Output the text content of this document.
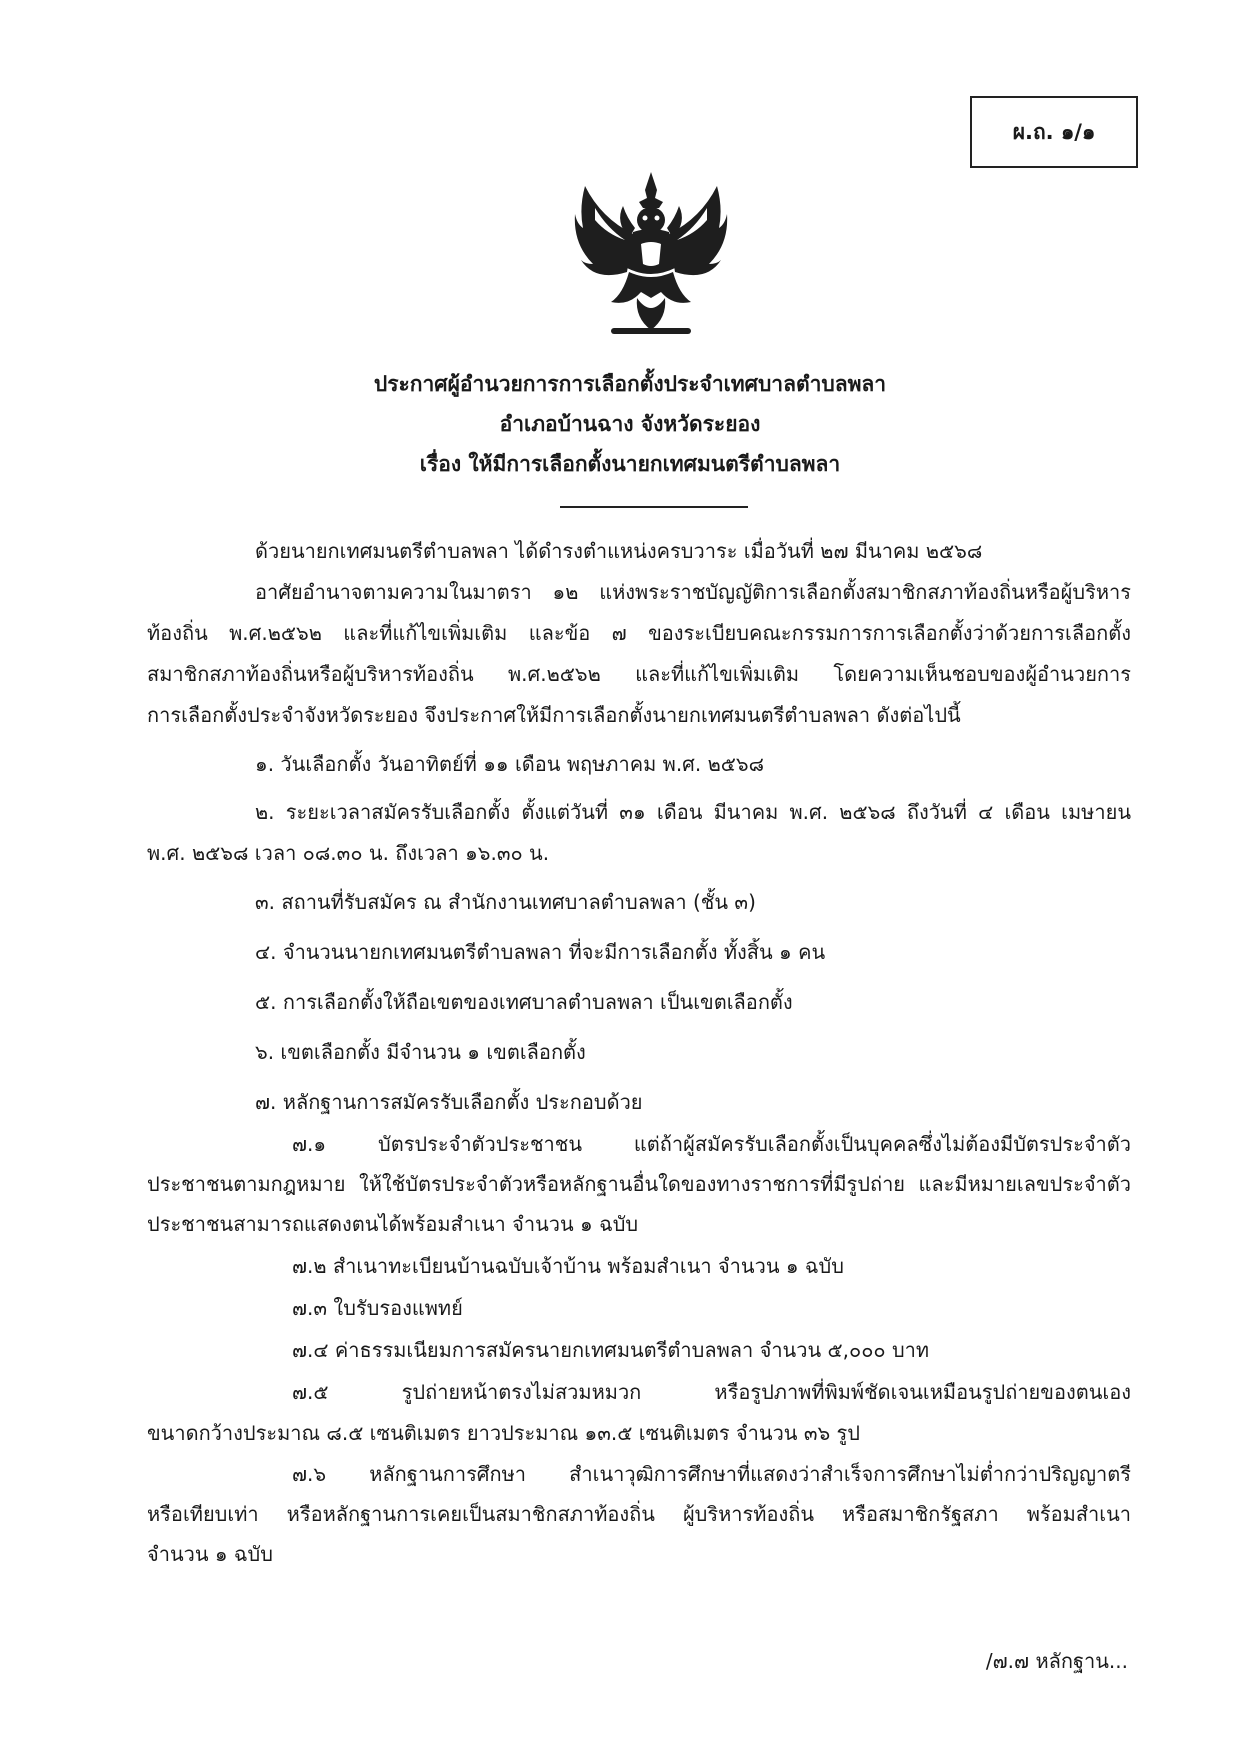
ผ.ถ. ๑/๑
ประกาศผู้อำนวยการการเลือกตั้งประจำเทศบาลตำบลพลา
อำเภอบ้านฉาง จังหวัดระยอง
เรื่อง ให้มีการเลือกตั้งนายกเทศมนตรีตำบลพลา
ด้วยนายกเทศมนตรีตำบลพลา ได้ดำรงตำแหน่งครบวาระ เมื่อวันที่ ๒๗ มีนาคม ๒๕๖๘
อาศัยอำนาจตามความในมาตรา ๑๒ แห่งพระราชบัญญัติการเลือกตั้งสมาชิกสภาท้องถิ่นหรือผู้บริหาร
ท้องถิ่น พ.ศ.๒๕๖๒ และที่แก้ไขเพิ่มเติม และข้อ ๗ ของระเบียบคณะกรรมการการเลือกตั้งว่าด้วยการเลือกตั้ง
สมาชิกสภาท้องถิ่นหรือผู้บริหารท้องถิ่น พ.ศ.๒๕๖๒ และที่แก้ไขเพิ่มเติม โดยความเห็นชอบของผู้อำนวยการ
การเลือกตั้งประจำจังหวัดระยอง จึงประกาศให้มีการเลือกตั้งนายกเทศมนตรีตำบลพลา ดังต่อไปนี้
๑. วันเลือกตั้ง วันอาทิตย์ที่ ๑๑ เดือน พฤษภาคม พ.ศ. ๒๕๖๘
๒. ระยะเวลาสมัครรับเลือกตั้ง ตั้งแต่วันที่ ๓๑ เดือน มีนาคม พ.ศ. ๒๕๖๘ ถึงวันที่ ๔ เดือน เมษายน
พ.ศ. ๒๕๖๘ เวลา ๐๘.๓๐ น. ถึงเวลา ๑๖.๓๐ น.
๓. สถานที่รับสมัคร ณ สำนักงานเทศบาลตำบลพลา (ชั้น ๓)
๔. จำนวนนายกเทศมนตรีตำบลพลา ที่จะมีการเลือกตั้ง ทั้งสิ้น ๑ คน
๕. การเลือกตั้งให้ถือเขตของเทศบาลตำบลพลา เป็นเขตเลือกตั้ง
๖. เขตเลือกตั้ง มีจำนวน ๑ เขตเลือกตั้ง
๗. หลักฐานการสมัครรับเลือกตั้ง ประกอบด้วย
๗.๑ บัตรประจำตัวประชาชน แต่ถ้าผู้สมัครรับเลือกตั้งเป็นบุคคลซึ่งไม่ต้องมีบัตรประจำตัว
ประชาชนตามกฎหมาย ให้ใช้บัตรประจำตัวหรือหลักฐานอื่นใดของทางราชการที่มีรูปถ่าย และมีหมายเลขประจำตัว
ประชาชนสามารถแสดงตนได้พร้อมสำเนา จำนวน ๑ ฉบับ
๗.๒ สำเนาทะเบียนบ้านฉบับเจ้าบ้าน พร้อมสำเนา จำนวน ๑ ฉบับ
๗.๓ ใบรับรองแพทย์
๗.๔ ค่าธรรมเนียมการสมัครนายกเทศมนตรีตำบลพลา จำนวน ๕,๐๐๐ บาท
๗.๕ รูปถ่ายหน้าตรงไม่สวมหมวก หรือรูปภาพที่พิมพ์ชัดเจนเหมือนรูปถ่ายของตนเอง
ขนาดกว้างประมาณ ๘.๕ เซนติเมตร ยาวประมาณ ๑๓.๕ เซนติเมตร จำนวน ๓๖ รูป
๗.๖ หลักฐานการศึกษา สำเนาวุฒิการศึกษาที่แสดงว่าสำเร็จการศึกษาไม่ต่ำกว่าปริญญาตรี
หรือเทียบเท่า หรือหลักฐานการเคยเป็นสมาชิกสภาท้องถิ่น ผู้บริหารท้องถิ่น หรือสมาชิกรัฐสภา พร้อมสำเนา
จำนวน ๑ ฉบับ
/๗.๗ หลักฐาน...
